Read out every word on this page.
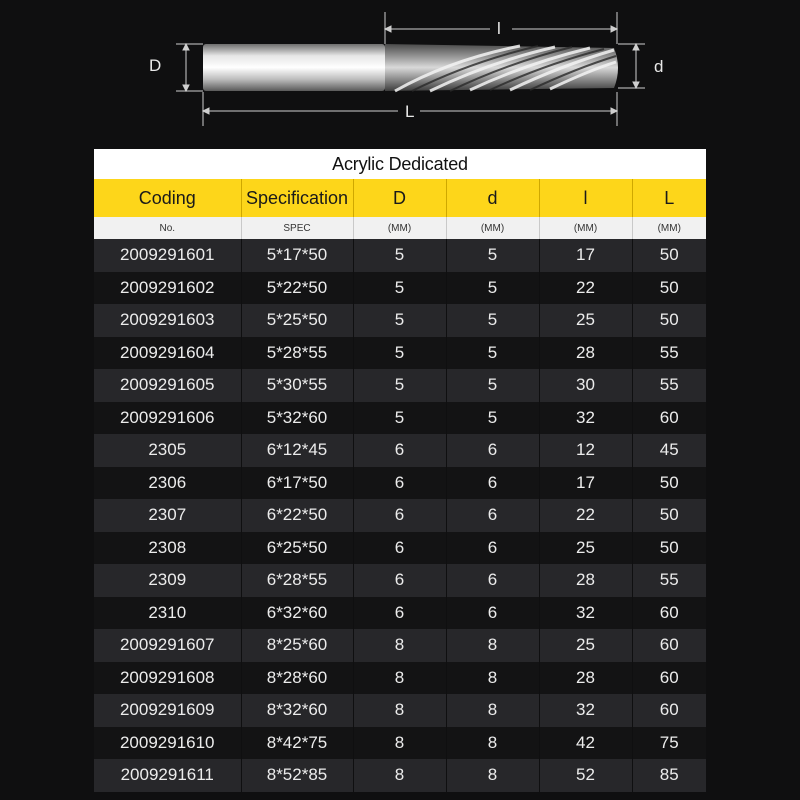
D	d
l
L
Acrylic Dedicated					
Coding	Specification	D	d	l	L
No.	SPEC	(MM)	(MM)	(MM)	(MM)
2009291601	5*17*50	5	5	17	50
2009291602	5*22*50	5	5	22	50
2009291603	5*25*50	5	5	25	50
2009291604	5*28*55	5	5	28	55
2009291605	5*30*55	5	5	30	55
2009291606	5*32*60	5	5	32	60
2305	6*12*45	6	6	12	45
2306	6*17*50	6	6	17	50
2307	6*22*50	6	6	22	50
2308	6*25*50	6	6	25	50
2309	6*28*55	6	6	28	55
2310	6*32*60	6	6	32	60
2009291607	8*25*60	8	8	25	60
2009291608	8*28*60	8	8	28	60
2009291609	8*32*60	8	8	32	60
2009291610	8*42*75	8	8	42	75
2009291611	8*52*85	8	8	52	85
